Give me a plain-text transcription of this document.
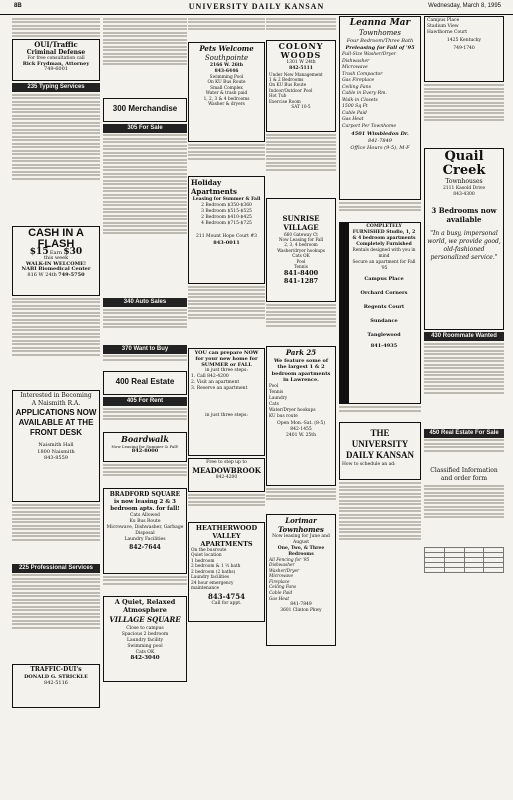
8B	UNIVERSITY DAILY KANSAN	Wednesday, March 8, 1995
OUI/Traffic
Criminal Defense
For free consultation call
Rick Frydman, Attorney
749-6001
235 Typing Services
CASH IN A FLASH
$15 Earn $30
this week
WALK-IN WELCOME!
NABI Biomedical Center
816 W 24th 749-5750
Interested in Becoming
A Naismith R.A.
APPLICATIONS NOW AVAILABLE AT THE FRONT DESK
Naismith Hall
1800 Naismith
843-8559
225 Professional Services
TRAFFIC-DUI's
DONALD G. STRICKLE
842-5116
300 Merchandise
305 For Sale
340 Auto Sales
370 Want to Buy
400 Real Estate
405 For Rent
Boardwalk
Now Leasing for Summer & Fall!
842-8000
BRADFORD SQUARE
is now leasing 2 & 3 bedroom apts. for fall!
Cats Allowed
Ku Bus Route
Microwave, Dishwasher, Garbage Disposal
Laundry Facilities
842-7644
A Quiet, Relaxed Atmosphere
VILLAGE SQUARE
Close to campus
Spacious 2 bedroom
Laundry facility
Swimming pool
Cats OK
842-3040
Pets Welcome
Southpointe
2166 W. 26th
843-6446
Swimming Pool
On KU Bus Route
Small Complex
Water & trash paid
1, 2, 3 & 4 bedrooms
Washer & dryers
Holiday Apartments
Leasing for Summer & Fall
2 Bedroom $350-$360
3 Bedroom $515-$525
2 Bedroom $410-$425
4 Bedroom $715-$725
211 Mount Hope Court #3
843-0011
YOU can prepare NOW for your new home for SUMMER or FALL
in just three steps:
1. Call 842-4200
2. Visit an apartment
3. Reserve an apartment
in just three steps:
Free to step up to
MEADOWBROOK
842-4200
HEATHERWOOD VALLEY APARTMENTS
On the busroute
Quiet location
1 bedroom
2 bedroom & 1 ½ bath
2 bedroom (2 baths)
Laundry facilities
24 hour emergency maintenance
843-4754
Call for appt.
COLONY
WOODS
1301 W 24th
842-5111
Under New Management
1 & 2 Bedrooms
On KU Bus Route
Indoor/Outdoor Pool
Hot Tub
Exercise Room
SAT 10-5
SUNRISE VILLAGE
660 Gateway Ct
Now Leasing for Fall
2, 3, 4 bedroom
Washer/dryer hookups
Cats OK
Pool
Tennis
841-8400
841-1287
Park 25
We feature some of the largest 1 & 2 bedroom apartments in Lawrence.
Pool
Tennis
Laundry
Cats
Water/Dryer hookups
KU bus route
Open Mon.-Sat. (8-5)
842-1455
2401 W. 25th
Lorimar Townhomes
Now leasing for June and August
One, Two, & Three Bedrooms
All Fencing for '95
Dishwasher
Washer/Dryer
Microwave
Fireplace
Ceiling Fans
Cable Paid
Gas Heat
841-7849
3601 Clinton Pkwy
Leanna Mar
Townhomes
Four Bedroom/Three Bath
Preleasing for Fall of '95
Full-Size Washer/Dryer
Dishwasher
Microwave
Trash Compactor
Gas Fireplace
Ceiling Fans
Cable in Every Rm.
Walk-in Closets
1500 Sq Ft
Cable Paid
Gas Heat
Carport Per Townhome
4501 Wimbledon Dr.
841-7849
Office Hours (9-5), M-F
COMPLETELY FURNISHED Studio, 1, 2 & 4 bedroom apartments
Completely Furnished
Rentals designed with you in mind
Secure an apartment for Fall '95
Campus Place
Orchard Corners
Regents Court
Sundance
Tanglewood
841-4935
THE UNIVERSITY DAILY KANSAN
How to schedule an ad:
Campus Place
Stadium View
Hawthorne Court
1425 Kentucky
749-1740
Quail
Creek
Townhouses
2111 Kasold Drive
843-4300
3 Bedrooms now available
"In a busy, impersonal world, we provide good, old-fashioned personalized service."
430 Roommate Wanted
450 Real Estate For Sale
Classified Information
and order form
